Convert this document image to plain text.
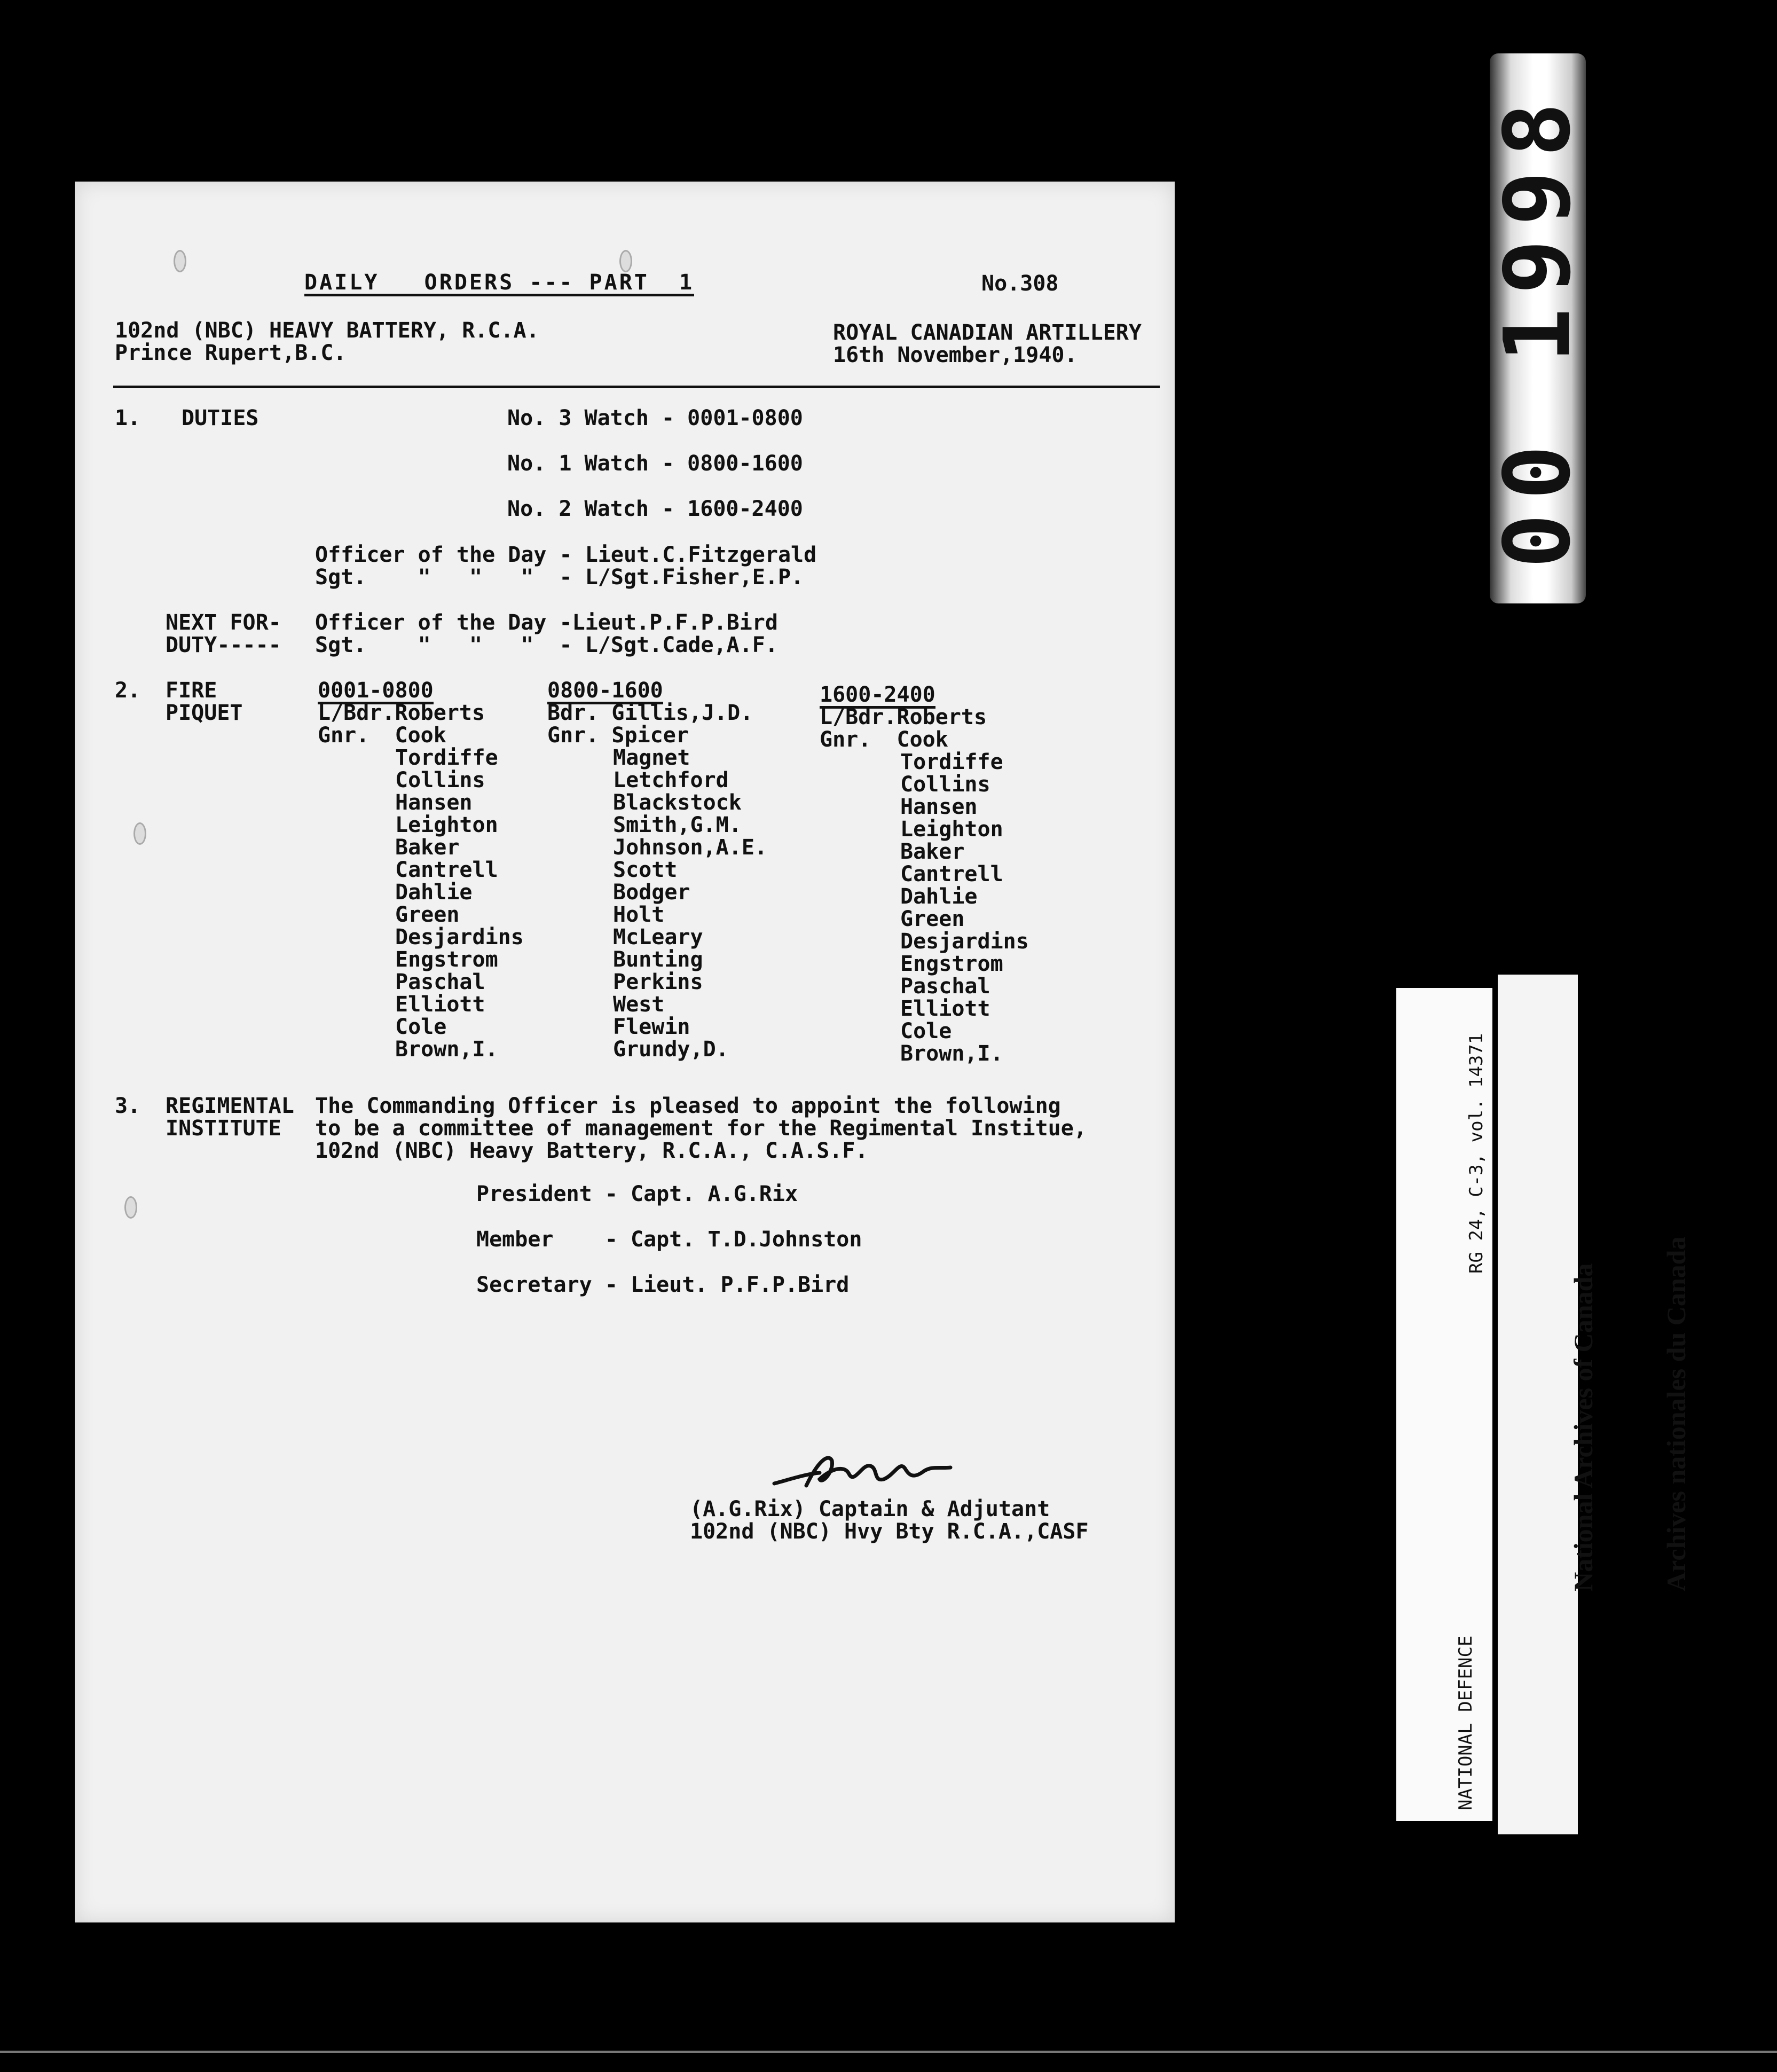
DAILY   ORDERS --- PART  1	No.308
102nd (NBC) HEAVY BATTERY, R.C.A.
Prince Rupert,B.C.
ROYAL CANADIAN ARTILLERY
16th November,1940.
1. DUTIES	No. 3 Watch - 0001-0800
No. 1 Watch - 0800-1600
No. 2 Watch - 1600-2400
Officer of the Day - Lieut.C.Fitzgerald
Sgt.    "   "   "  - L/Sgt.Fisher,E.P.
NEXT FOR-
DUTY-----
Officer of the Day -Lieut.P.F.P.Bird
Sgt.    "   "   "  - L/Sgt.Cade,A.F.
2. FIRE
PIQUET
0001-0800
L/Bdr.Roberts
Gnr.  Cook
Tordiffe
Collins
Hansen
Leighton
Baker
Cantrell
Dahlie
Green
Desjardins
Engstrom
Paschal
Elliott
Cole
Brown,I.
0800-1600
Bdr. Gillis,J.D.
Gnr. Spicer
Magnet
Letchford
Blackstock
Smith,G.M.
Johnson,A.E.
Scott
Bodger
Holt
McLeary
Bunting
Perkins
West
Flewin
Grundy,D.
1600-2400
L/Bdr.Roberts
Gnr.  Cook
Tordiffe
Collins
Hansen
Leighton
Baker
Cantrell
Dahlie
Green
Desjardins
Engstrom
Paschal
Elliott
Cole
Brown,I.
3. REGIMENTAL
INSTITUTE
The Commanding Officer is pleased to appoint the following
to be a committee of management for the Regimental Institue,
102nd (NBC) Heavy Battery, R.C.A., C.A.S.F.
President - Capt. A.G.Rix
Member    - Capt. T.D.Johnston
Secretary - Lieut. P.F.P.Bird
(A.G.Rix) Captain & Adjutant
102nd (NBC) Hvy Bty R.C.A.,CASF
00 1998

NATIONAL DEFENCE

RG 24, C-3, vol. 14371

National Archives of Canada

Archives nationales du Canada
